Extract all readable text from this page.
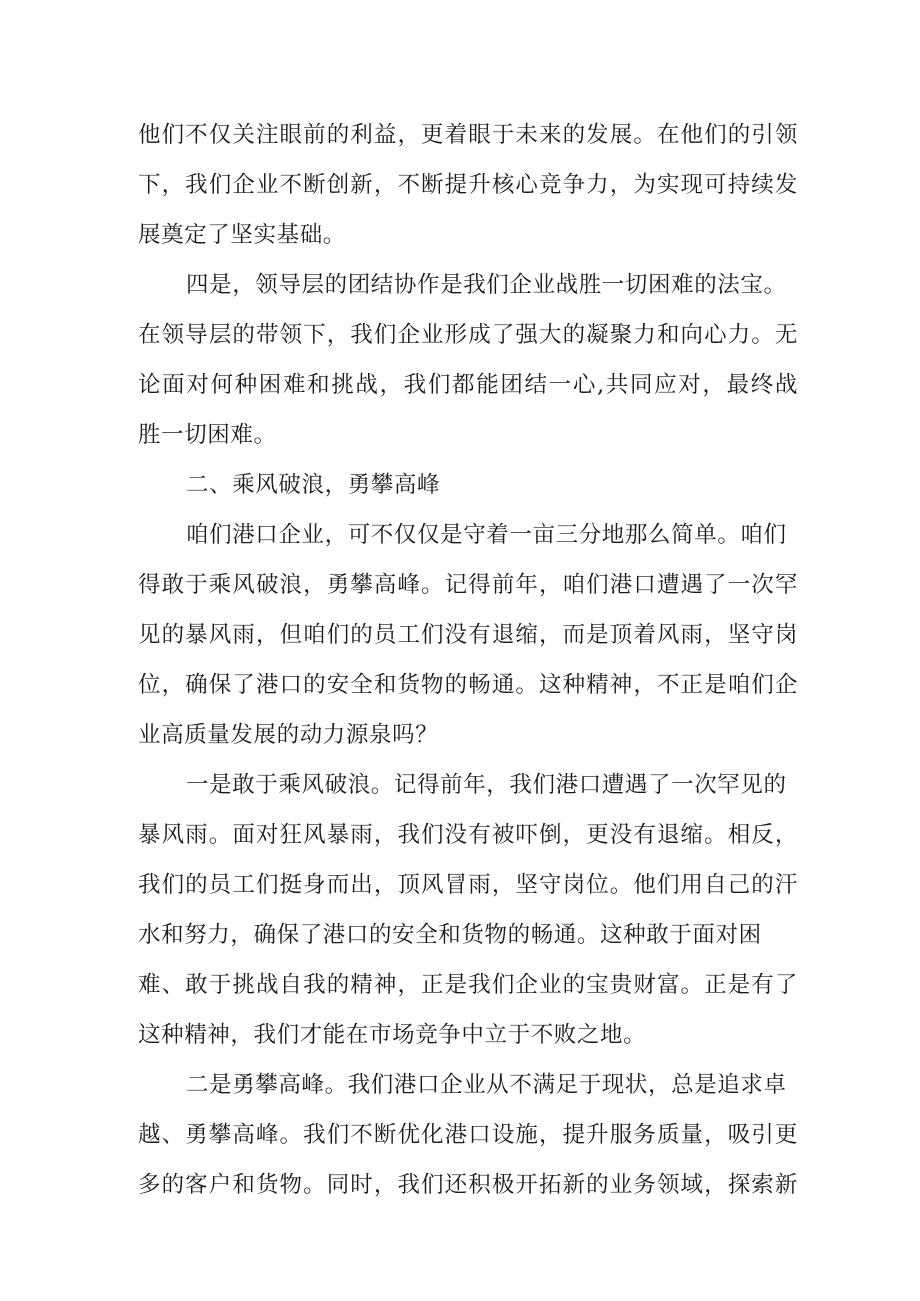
他们不仅关注眼前的利益，更着眼于未来的发展。在他们的引领
下，我们企业不断创新，不断提升核心竞争力，为实现可持续发
展奠定了坚实基础。
四是，领导层的团结协作是我们企业战胜一切困难的法宝。
在领导层的带领下，我们企业形成了强大的凝聚力和向心力。无
论面对何种困难和挑战，我们都能团结一心,共同应对，最终战
胜一切困难。
二、乘风破浪，勇攀高峰
咱们港口企业，可不仅仅是守着一亩三分地那么简单。咱们
得敢于乘风破浪，勇攀高峰。记得前年，咱们港口遭遇了一次罕
见的暴风雨，但咱们的员工们没有退缩，而是顶着风雨，坚守岗
位，确保了港口的安全和货物的畅通。这种精神，不正是咱们企
业高质量发展的动力源泉吗？
一是敢于乘风破浪。记得前年，我们港口遭遇了一次罕见的
暴风雨。面对狂风暴雨，我们没有被吓倒，更没有退缩。相反，
我们的员工们挺身而出，顶风冒雨，坚守岗位。他们用自己的汗
水和努力，确保了港口的安全和货物的畅通。这种敢于面对困
难、敢于挑战自我的精神，正是我们企业的宝贵财富。正是有了
这种精神，我们才能在市场竞争中立于不败之地。
二是勇攀高峰。我们港口企业从不满足于现状，总是追求卓
越、勇攀高峰。我们不断优化港口设施，提升服务质量，吸引更
多的客户和货物。同时，我们还积极开拓新的业务领域，探索新
